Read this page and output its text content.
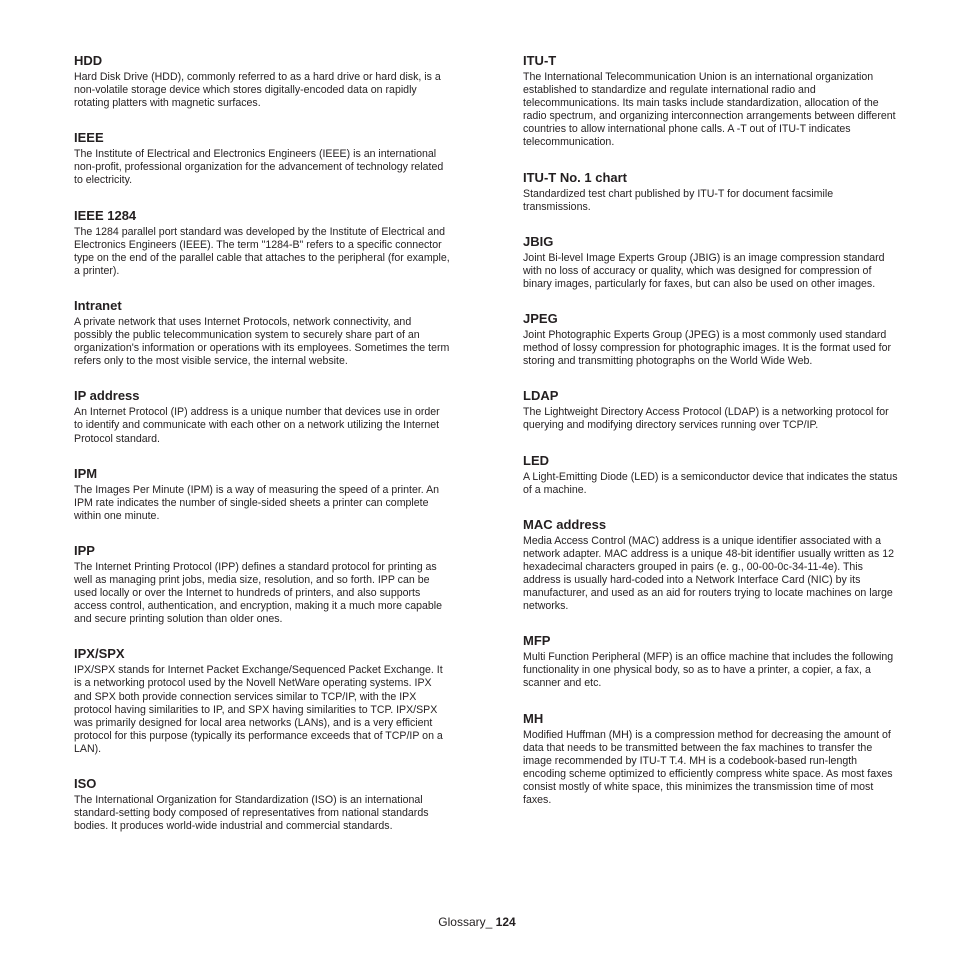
HDD

Hard Disk Drive (HDD), commonly referred to as a hard drive or hard disk, is a non-volatile storage device which stores digitally-encoded data on rapidly rotating platters with magnetic surfaces.

IEEE

The Institute of Electrical and Electronics Engineers (IEEE) is an international non-profit, professional organization for the advancement of technology related to electricity.

IEEE 1284

The 1284 parallel port standard was developed by the Institute of Electrical and Electronics Engineers (IEEE). The term "1284-B" refers to a specific connector type on the end of the parallel cable that attaches to the peripheral (for example, a printer).

Intranet

A private network that uses Internet Protocols, network connectivity, and possibly the public telecommunication system to securely share part of an organization's information or operations with its employees. Sometimes the term refers only to the most visible service, the internal website.

IP address

An Internet Protocol (IP) address is a unique number that devices use in order to identify and communicate with each other on a network utilizing the Internet Protocol standard.

IPM

The Images Per Minute (IPM) is a way of measuring the speed of a printer. An IPM rate indicates the number of single-sided sheets a printer can complete within one minute.

IPP

The Internet Printing Protocol (IPP) defines a standard protocol for printing as well as managing print jobs, media size, resolution, and so forth. IPP can be used locally or over the Internet to hundreds of printers, and also supports access control, authentication, and encryption, making it a much more capable and secure printing solution than older ones.

IPX/SPX

IPX/SPX stands for Internet Packet Exchange/Sequenced Packet Exchange. It is a networking protocol used by the Novell NetWare operating systems. IPX and SPX both provide connection services similar to TCP/IP, with the IPX protocol having similarities to IP, and SPX having similarities to TCP. IPX/SPX was primarily designed for local area networks (LANs), and is a very efficient protocol for this purpose (typically its performance exceeds that of TCP/IP on a LAN).

ISO

The International Organization for Standardization (ISO) is an international standard-setting body composed of representatives from national standards bodies. It produces world-wide industrial and commercial standards.

ITU-T

The International Telecommunication Union is an international organization established to standardize and regulate international radio and telecommunications. Its main tasks include standardization, allocation of the radio spectrum, and organizing interconnection arrangements between different countries to allow international phone calls. A -T out of ITU-T indicates telecommunication.

ITU-T No. 1 chart

Standardized test chart published by ITU-T for document facsimile transmissions.

JBIG

Joint Bi-level Image Experts Group (JBIG) is an image compression standard with no loss of accuracy or quality, which was designed for compression of binary images, particularly for faxes, but can also be used on other images.

JPEG

Joint Photographic Experts Group (JPEG) is a most commonly used standard method of lossy compression for photographic images. It is the format used for storing and transmitting photographs on the World Wide Web.

LDAP

The Lightweight Directory Access Protocol (LDAP) is a networking protocol for querying and modifying directory services running over TCP/IP.

LED

A Light-Emitting Diode (LED) is a semiconductor device that indicates the status of a machine.

MAC address

Media Access Control (MAC) address is a unique identifier associated with a network adapter. MAC address is a unique 48-bit identifier usually written as 12 hexadecimal characters grouped in pairs (e. g., 00-00-0c-34-11-4e). This address is usually hard-coded into a Network Interface Card (NIC) by its manufacturer, and used as an aid for routers trying to locate machines on large networks.

MFP

Multi Function Peripheral (MFP) is an office machine that includes the following functionality in one physical body, so as to have a printer, a copier, a fax, a scanner and etc.

MH

Modified Huffman (MH) is a compression method for decreasing the amount of data that needs to be transmitted between the fax machines to transfer the image recommended by ITU-T T.4. MH is a codebook-based run-length encoding scheme optimized to efficiently compress white space. As most faxes consist mostly of white space, this minimizes the transmission time of most faxes.

Glossary_ 124
